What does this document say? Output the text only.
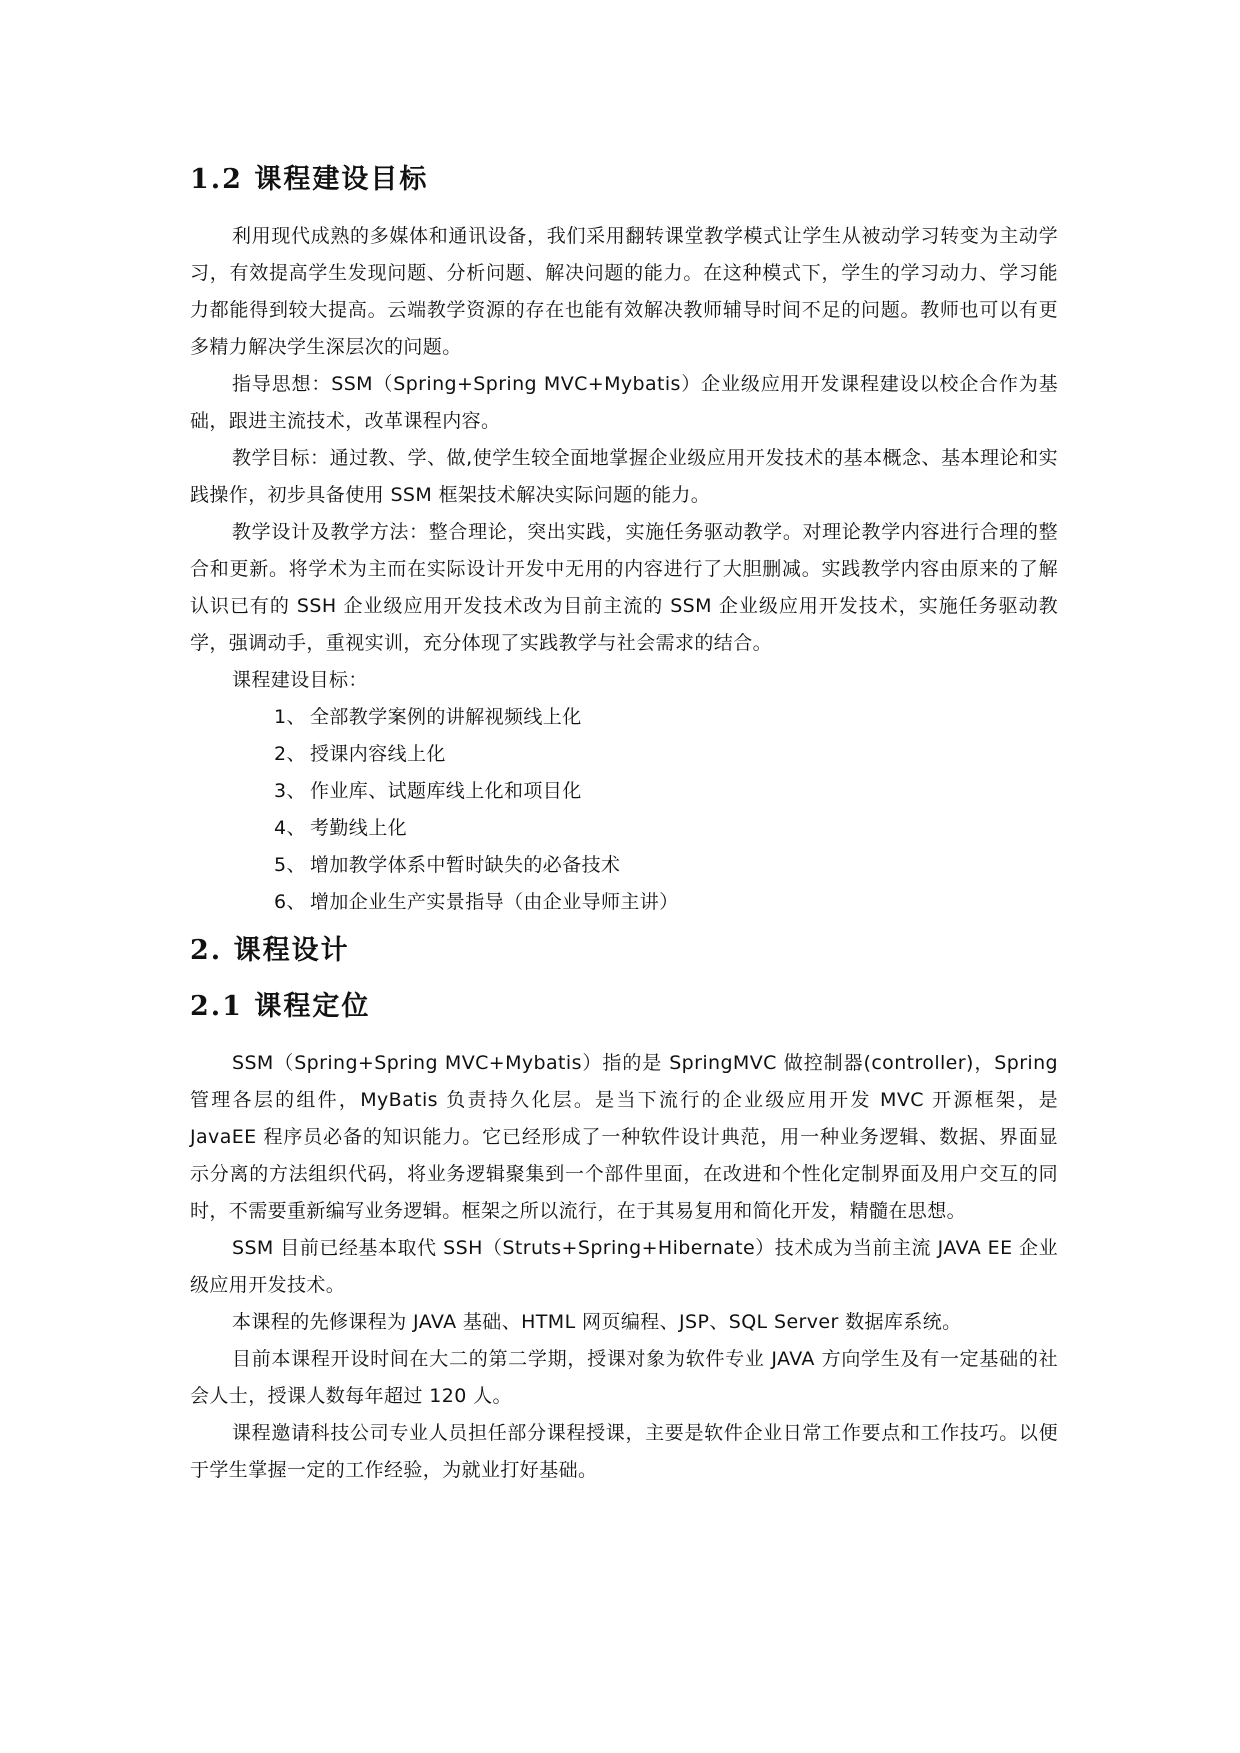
1.2 课程建设目标

利用现代成熟的多媒体和通讯设备，我们采用翻转课堂教学模式让学生从被动学习转变为主动学习，有效提高学生发现问题、分析问题、解决问题的能力。在这种模式下，学生的学习动力、学习能力都能得到较大提高。云端教学资源的存在也能有效解决教师辅导时间不足的问题。教师也可以有更多精力解决学生深层次的问题。

指导思想：SSM（Spring+Spring MVC+Mybatis）企业级应用开发课程建设以校企合作为基础，跟进主流技术，改革课程内容。

教学目标：通过教、学、做,使学生较全面地掌握企业级应用开发技术的基本概念、基本理论和实践操作，初步具备使用 SSM 框架技术解决实际问题的能力。

教学设计及教学方法：整合理论，突出实践，实施任务驱动教学。对理论教学内容进行合理的整合和更新。将学术为主而在实际设计开发中无用的内容进行了大胆删减。实践教学内容由原来的了解认识已有的 SSH 企业级应用开发技术改为目前主流的 SSM 企业级应用开发技术，实施任务驱动教学，强调动手，重视实训，充分体现了实践教学与社会需求的结合。

课程建设目标：

1、 全部教学案例的讲解视频线上化
2、 授课内容线上化
3、 作业库、试题库线上化和项目化
4、 考勤线上化
5、 增加教学体系中暂时缺失的必备技术
6、 增加企业生产实景指导（由企业导师主讲）
2. 课程设计
2.1 课程定位

SSM（Spring+Spring MVC+Mybatis）指的是 SpringMVC 做控制器(controller)，Spring 管理各层的组件，MyBatis 负责持久化层。是当下流行的企业级应用开发 MVC 开源框架，是 JavaEE 程序员必备的知识能力。它已经形成了一种软件设计典范，用一种业务逻辑、数据、界面显示分离的方法组织代码，将业务逻辑聚集到一个部件里面，在改进和个性化定制界面及用户交互的同时，不需要重新编写业务逻辑。框架之所以流行，在于其易复用和简化开发，精髓在思想。

SSM 目前已经基本取代 SSH（Struts+Spring+Hibernate）技术成为当前主流 JAVA EE 企业级应用开发技术。

本课程的先修课程为 JAVA 基础、HTML 网页编程、JSP、SQL Server 数据库系统。

目前本课程开设时间在大二的第二学期，授课对象为软件专业 JAVA 方向学生及有一定基础的社会人士，授课人数每年超过 120 人。

课程邀请科技公司专业人员担任部分课程授课，主要是软件企业日常工作要点和工作技巧。以便于学生掌握一定的工作经验，为就业打好基础。
